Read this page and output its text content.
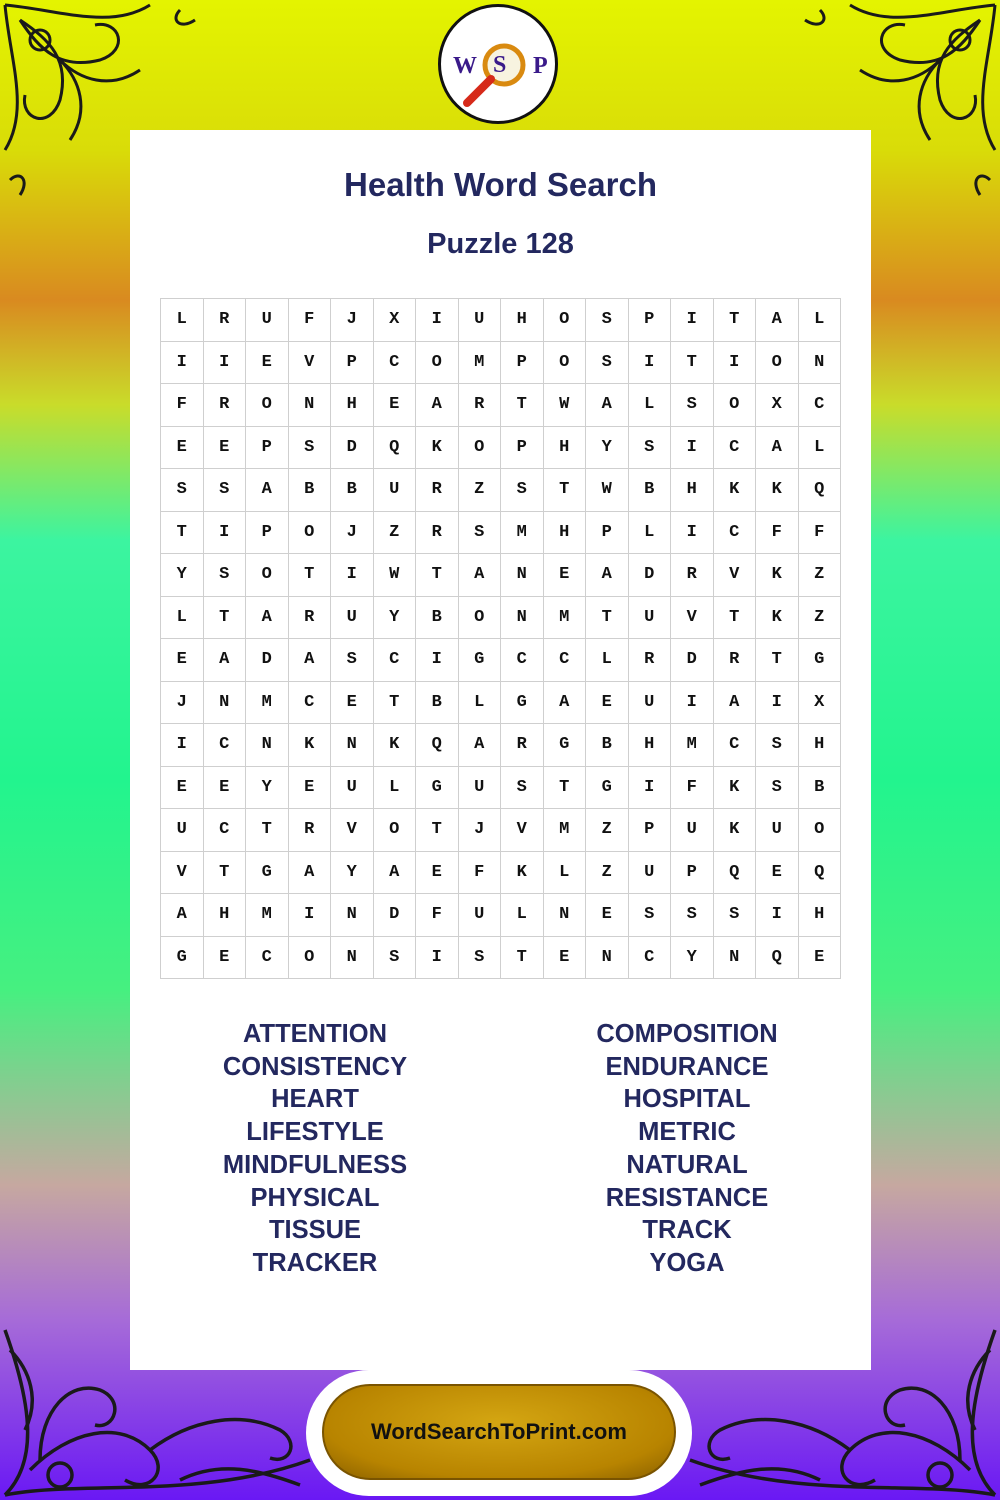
W S P
Health Word Search
Puzzle 128
L	R	U	F	J	X	I	U	H	O	S	P	I	T	A	L
I	I	E	V	P	C	O	M	P	O	S	I	T	I	O	N
F	R	O	N	H	E	A	R	T	W	A	L	S	O	X	C
E	E	P	S	D	Q	K	O	P	H	Y	S	I	C	A	L
S	S	A	B	B	U	R	Z	S	T	W	B	H	K	K	Q
T	I	P	O	J	Z	R	S	M	H	P	L	I	C	F	F
Y	S	O	T	I	W	T	A	N	E	A	D	R	V	K	Z
L	T	A	R	U	Y	B	O	N	M	T	U	V	T	K	Z
E	A	D	A	S	C	I	G	C	C	L	R	D	R	T	G
J	N	M	C	E	T	B	L	G	A	E	U	I	A	I	X
I	C	N	K	N	K	Q	A	R	G	B	H	M	C	S	H
E	E	Y	E	U	L	G	U	S	T	G	I	F	K	S	B
U	C	T	R	V	O	T	J	V	M	Z	P	U	K	U	O
V	T	G	A	Y	A	E	F	K	L	Z	U	P	Q	E	Q
A	H	M	I	N	D	F	U	L	N	E	S	S	S	I	H
G	E	C	O	N	S	I	S	T	E	N	C	Y	N	Q	E
ATTENTION
CONSISTENCY
HEART
LIFESTYLE
MINDFULNESS
PHYSICAL
TISSUE
TRACKER
COMPOSITION
ENDURANCE
HOSPITAL
METRIC
NATURAL
RESISTANCE
TRACK
YOGA
WordSearchToPrint.com
